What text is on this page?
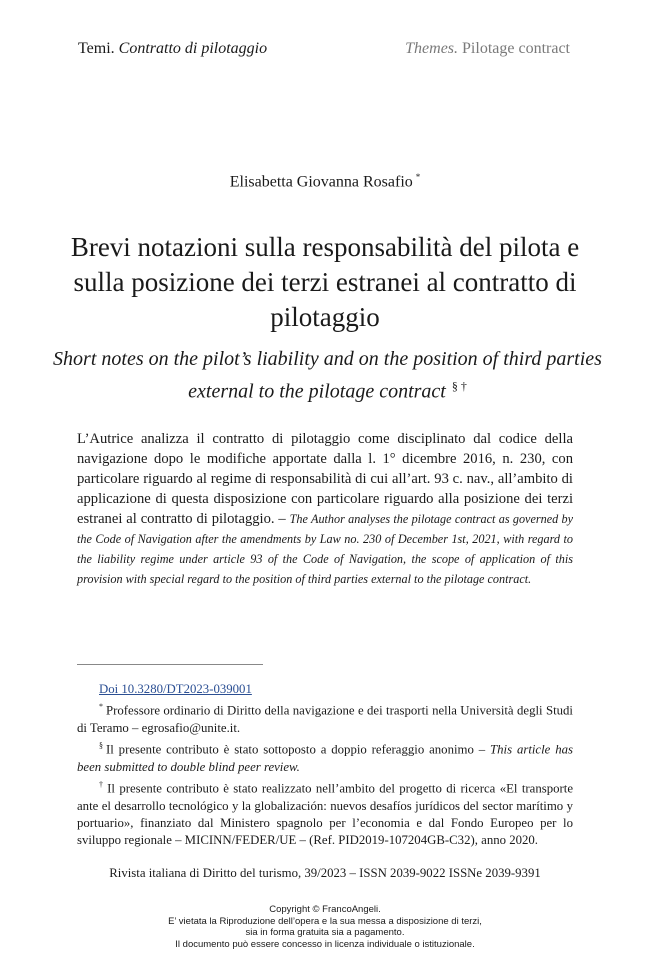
Temi. Contratto di pilotaggio	Themes. Pilotage contract
Elisabetta Giovanna Rosafio *
Brevi notazioni sulla responsabilità del pilota e sulla posizione dei terzi estranei al contratto di pilotaggio

Short notes on the pilot’s liability and on the position of third parties external to the pilotage contract § †

L’Autrice analizza il contratto di pilotaggio come disciplinato dal codice della navigazione dopo le modifiche apportate dalla l. 1° dicembre 2016, n. 230, con particolare riguardo al regime di responsabilità di cui all’art. 93 c. nav., all’ambito di applicazione di questa disposizione con particolare riguardo alla posizione dei terzi estranei al contratto di pilotaggio. – The Author analyses the pilotage contract as governed by the Code of Navigation after the amendments by Law no. 230 of December 1st, 2021, with regard to the liability regime under article 93 of the Code of Navigation, the scope of application of this provision with special regard to the position of third parties external to the pilotage contract.

Doi 10.3280/DT2023-039001

* Professore ordinario di Diritto della navigazione e dei trasporti nella Università degli Studi di Teramo – egrosafio@unite.it.

§ Il presente contributo è stato sottoposto a doppio referaggio anonimo – This article has been submitted to double blind peer review.

† Il presente contributo è stato realizzato nell’ambito del progetto di ricerca «El transporte ante el desarrollo tecnológico y la globalización: nuevos desafíos jurídicos del sector marítimo y portuario», finanziato dal Ministero spagnolo per l’economia e dal Fondo Europeo per lo sviluppo regionale – MICINN/FEDER/UE – (Ref. PID2019-107204GB-C32), anno 2020.

Rivista italiana di Diritto del turismo, 39/2023 – ISSN 2039-9022 ISSNe 2039-9391
Copyright © FrancoAngeli.
E’ vietata la Riproduzione dell’opera e la sua messa a disposizione di terzi,
sia in forma gratuita sia a pagamento.
Il documento può essere concesso in licenza individuale o istituzionale.
